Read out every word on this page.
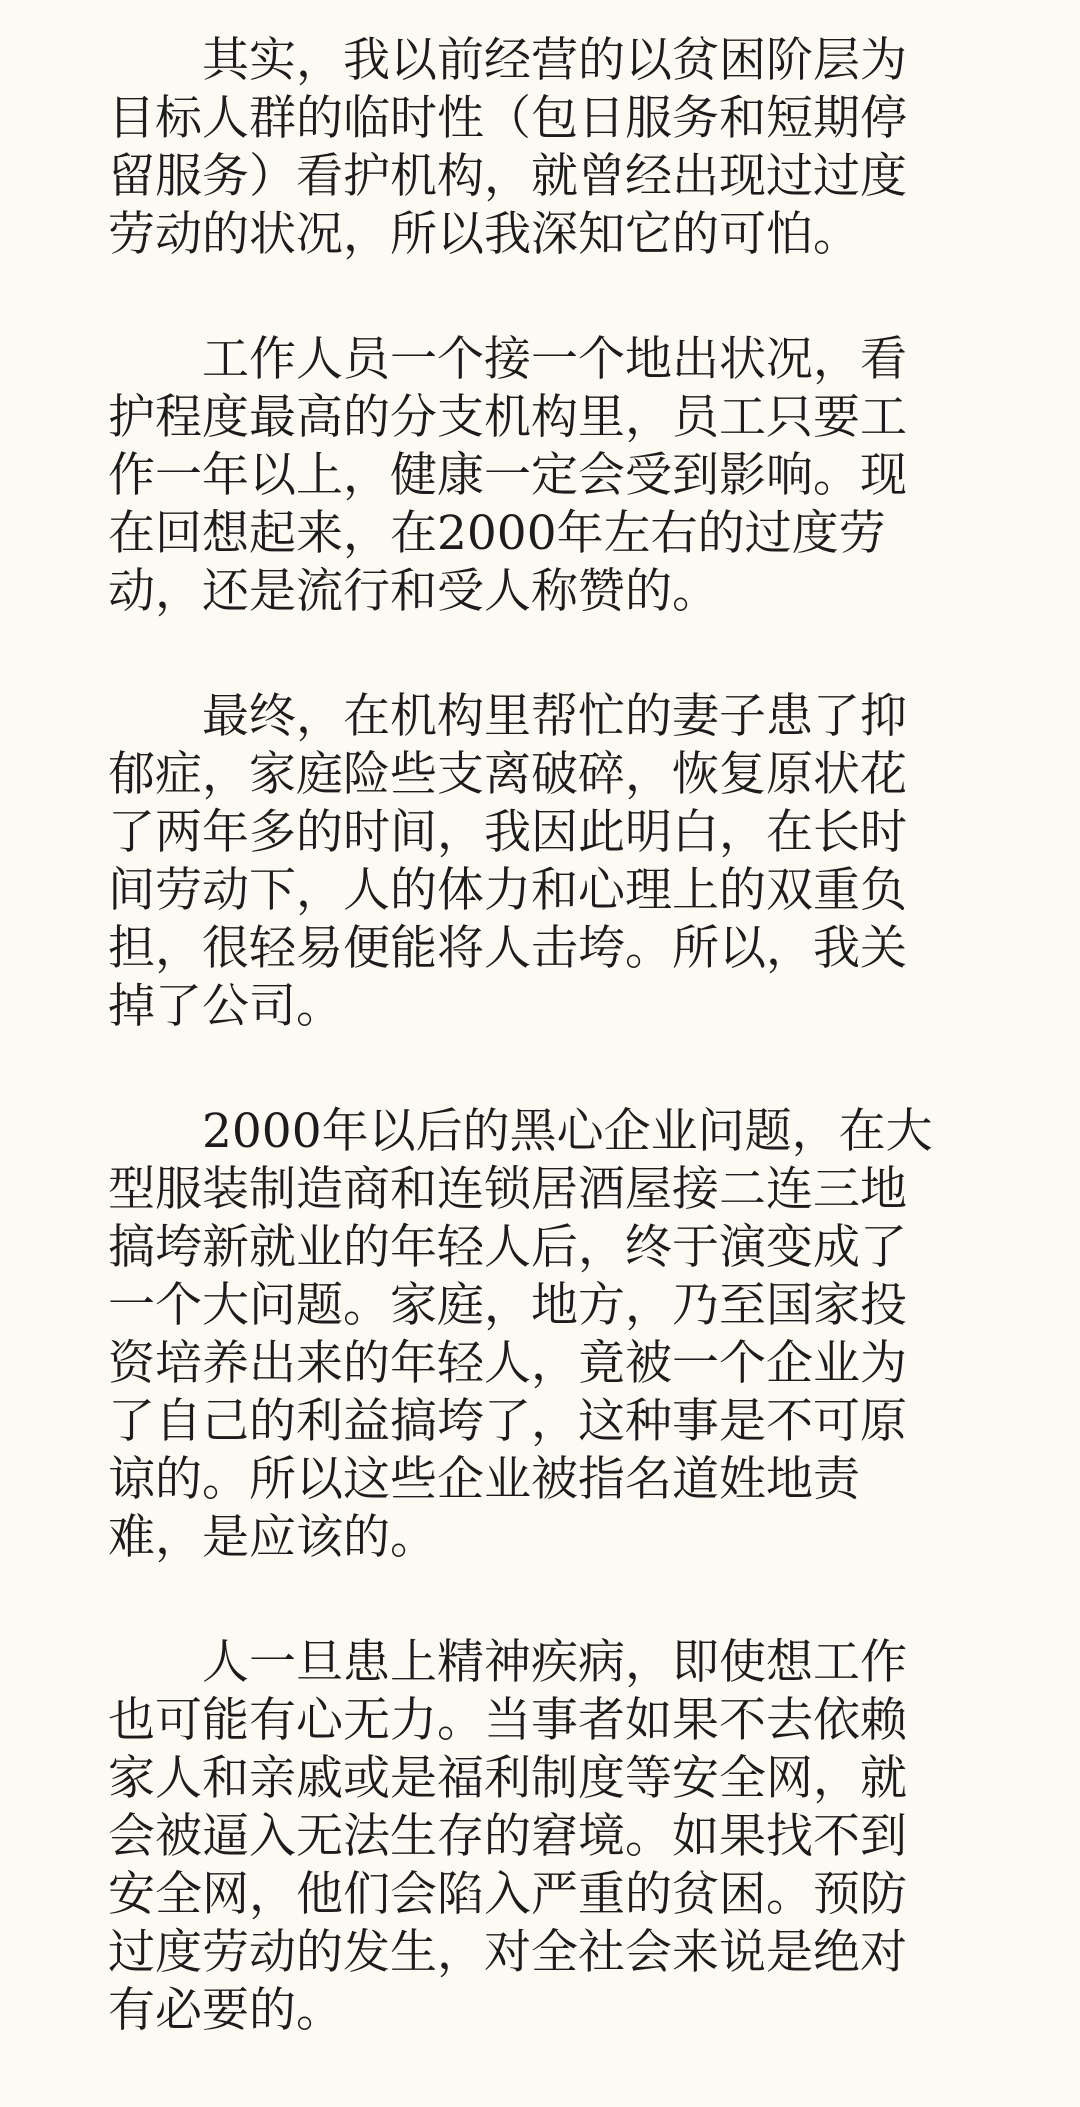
其实，我以前经营的以贫困阶层为
目标人群的临时性（包日服务和短期停
留服务）看护机构，就曾经出现过过度
劳动的状况，所以我深知它的可怕。
工作人员一个接一个地出状况，看
护程度最高的分支机构里，员工只要工
作一年以上，健康一定会受到影响。现
在回想起来，在2000年左右的过度劳
动，还是流行和受人称赞的。
最终，在机构里帮忙的妻子患了抑
郁症，家庭险些支离破碎，恢复原状花
了两年多的时间，我因此明白，在长时
间劳动下，人的体力和心理上的双重负
担，很轻易便能将人击垮。所以，我关
掉了公司。
2000年以后的黑心企业问题，在大
型服装制造商和连锁居酒屋接二连三地
搞垮新就业的年轻人后，终于演变成了
一个大问题。家庭，地方，乃至国家投
资培养出来的年轻人，竟被一个企业为
了自己的利益搞垮了，这种事是不可原
谅的。所以这些企业被指名道姓地责
难，是应该的。
人一旦患上精神疾病，即使想工作
也可能有心无力。当事者如果不去依赖
家人和亲戚或是福利制度等安全网，就
会被逼入无法生存的窘境。如果找不到
安全网，他们会陷入严重的贫困。预防
过度劳动的发生，对全社会来说是绝对
有必要的。
